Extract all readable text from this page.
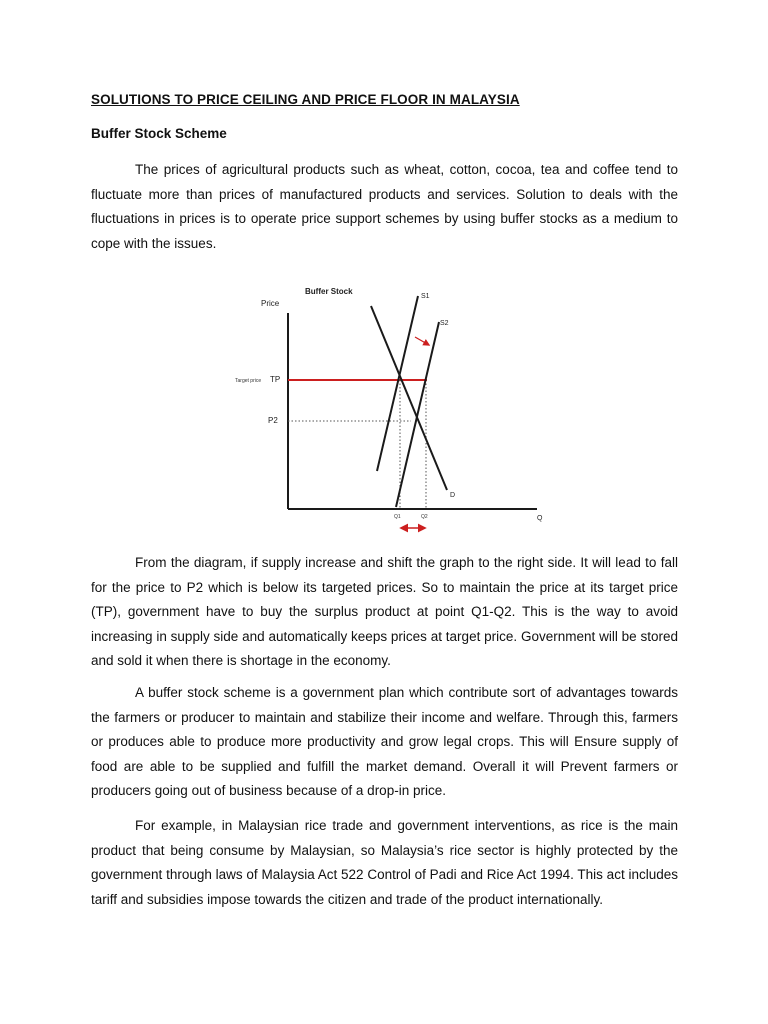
SOLUTIONS TO PRICE CEILING AND PRICE FLOOR IN MALAYSIA

Buffer Stock Scheme

The prices of agricultural products such as wheat, cotton, cocoa, tea and coffee tend to fluctuate more than prices of manufactured products and services. Solution to deals with the fluctuations in prices is to operate price support schemes by using buffer stocks as a medium to cope with the issues.

Buffer Stock
Price
Q
Target price TP
P2
S1
S2
D
Q1	Q2

From the diagram, if supply increase and shift the graph to the right side. It will lead to fall for the price to P2 which is below its targeted prices. So to maintain the price at its target price (TP), government have to buy the surplus product at point Q1-Q2. This is the way to avoid increasing in supply side and automatically keeps prices at target price. Government will be stored and sold it when there is shortage in the economy.

A buffer stock scheme is a government plan which contribute sort of advantages towards the farmers or producer to maintain and stabilize their income and welfare. Through this, farmers or produces able to produce more productivity and grow legal crops. This will Ensure supply of food are able to be supplied and fulfill the market demand. Overall it will Prevent farmers or producers going out of business because of a drop-in price.

For example, in Malaysian rice trade and government interventions, as rice is the main product that being consume by Malaysian, so Malaysia’s rice sector is highly protected by the government through laws of Malaysia Act 522 Control of Padi and Rice Act 1994. This act includes tariff and subsidies impose towards the citizen and trade of the product internationally.
